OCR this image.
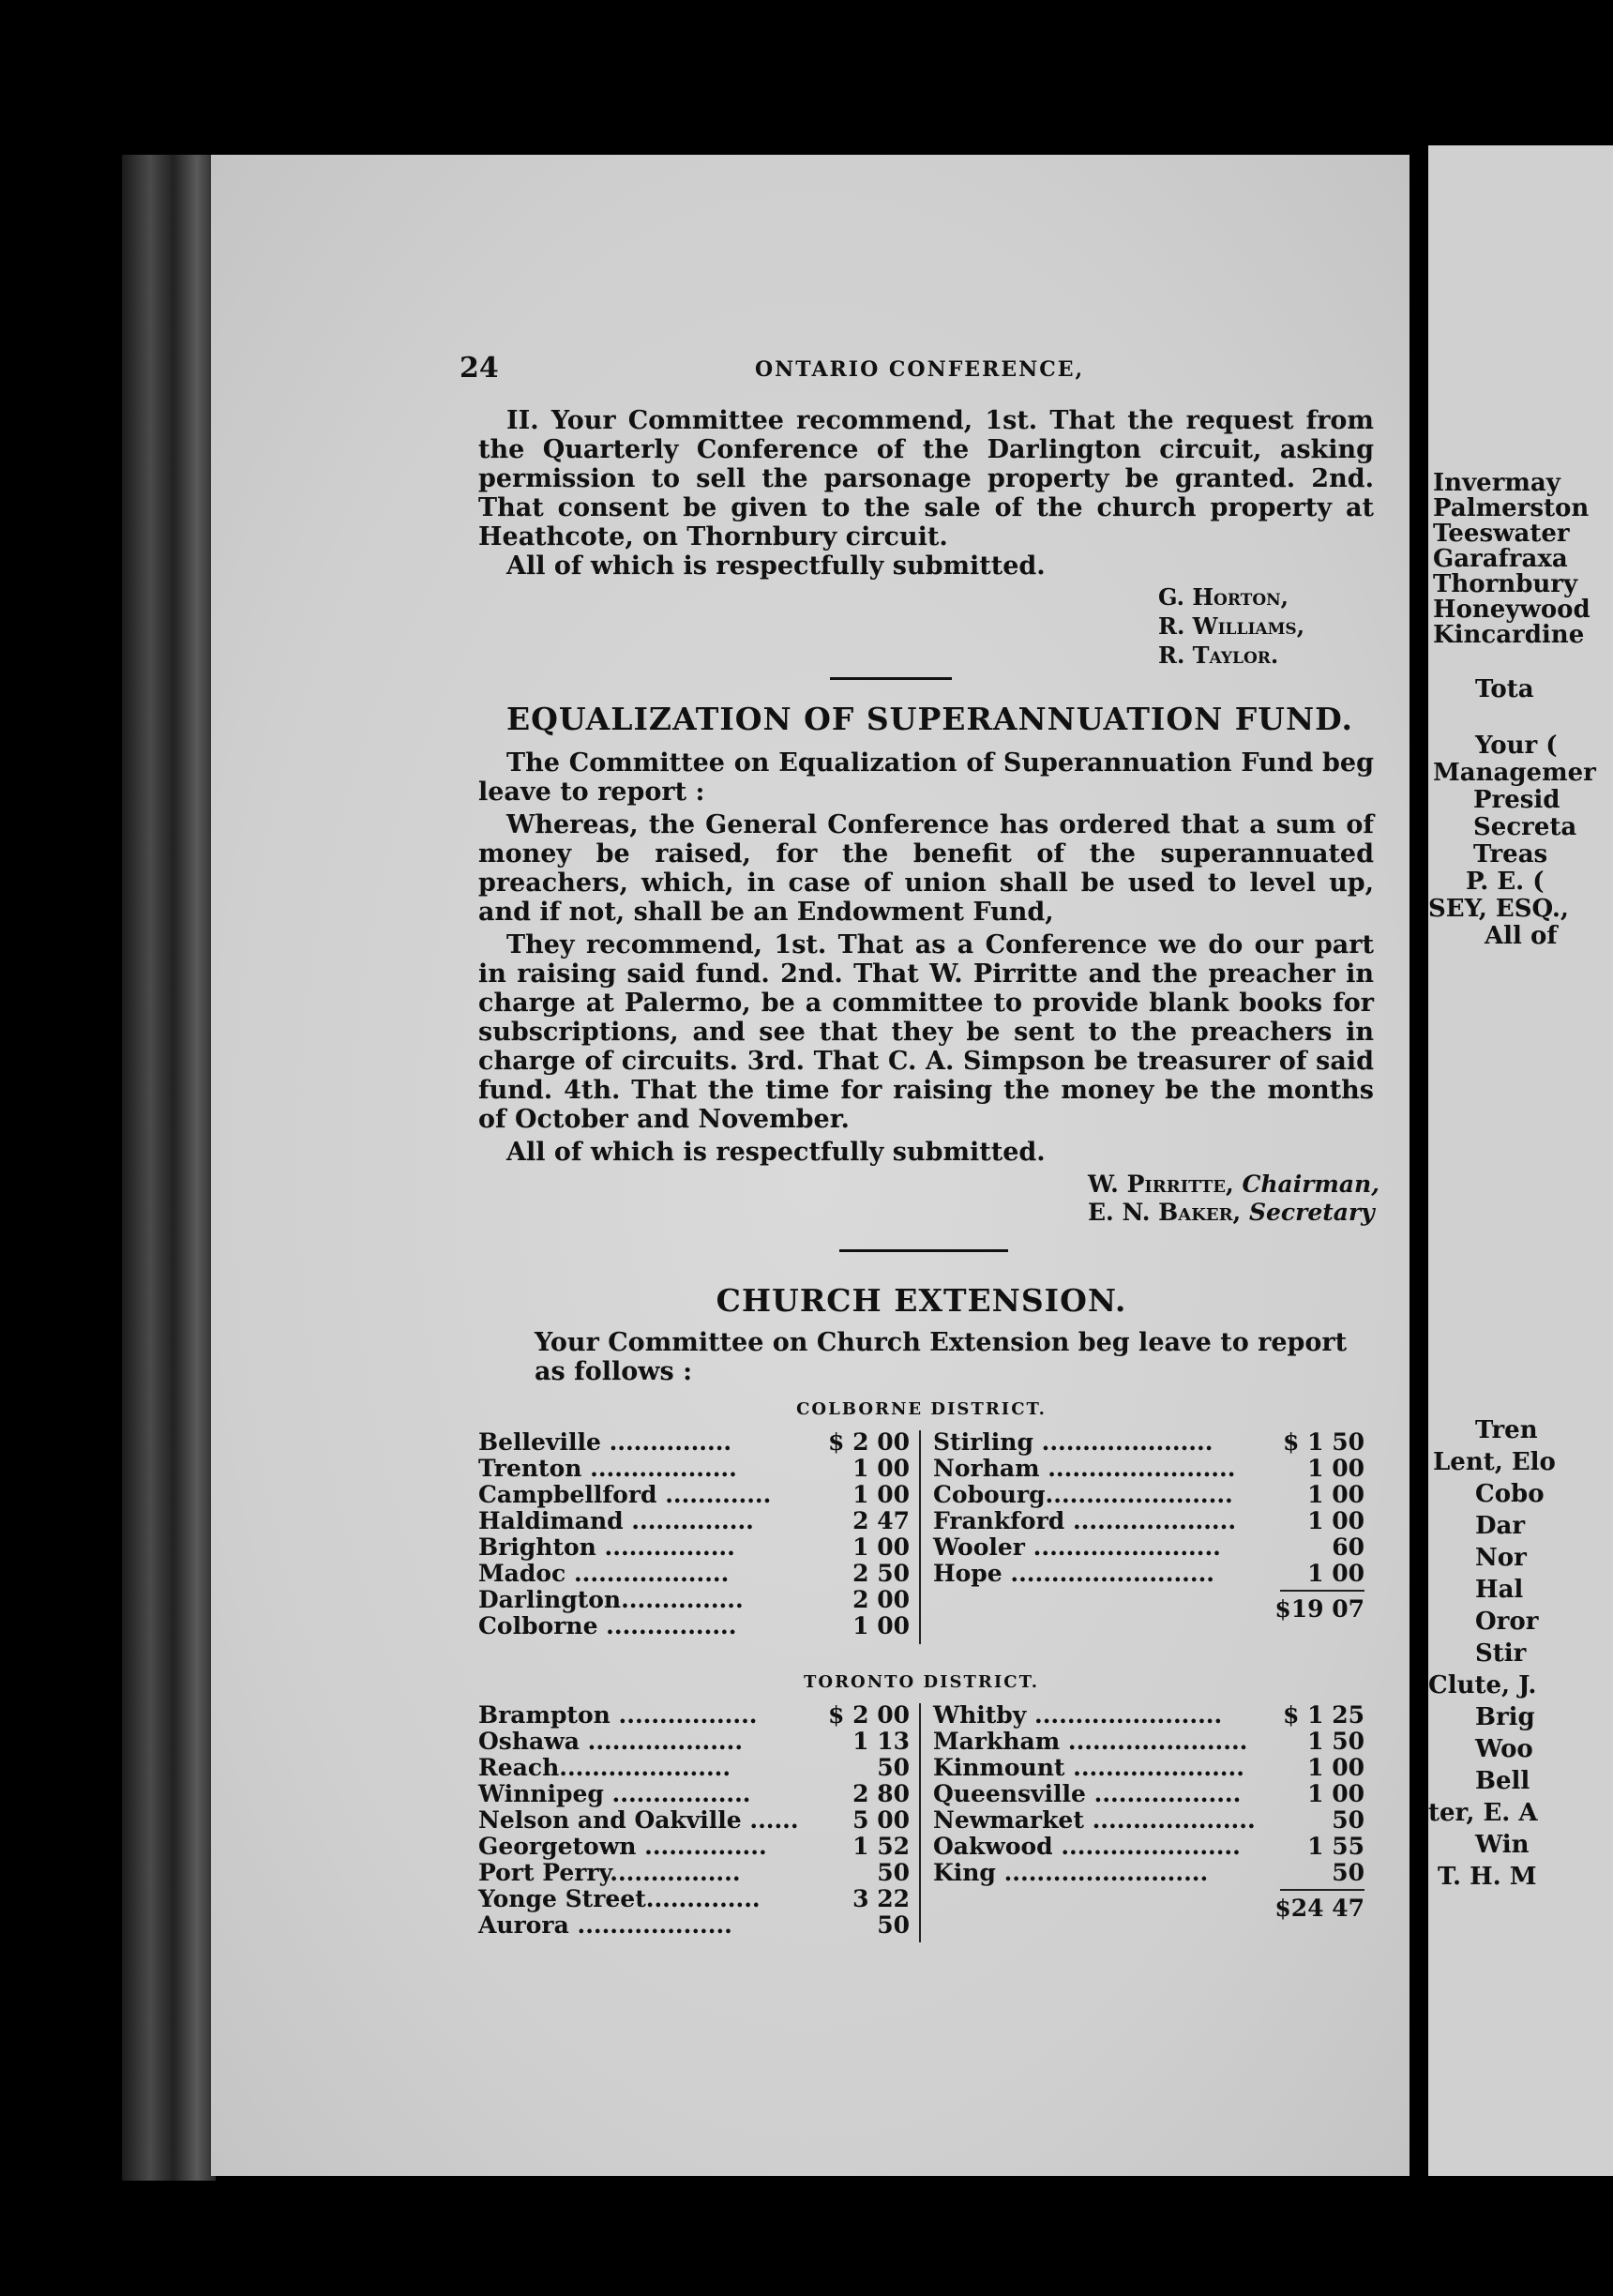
24	ONTARIO CONFERENCE,

II. Your Committee recommend, 1st. That the request from the Quarterly Conference of the Darlington circuit, asking permission to sell the parsonage property be granted. 2nd. That consent be given to the sale of the church property at Heathcote, on Thornbury circuit.

All of which is respectfully submitted.

G. Horton,
R. Williams,
R. Taylor.
EQUALIZATION OF SUPERANNUATION FUND.

The Committee on Equalization of Superannuation Fund beg leave to report :

Whereas, the General Conference has ordered that a sum of money be raised, for the benefit of the superannuated preachers, which, in case of union shall be used to level up, and if not, shall be an Endowment Fund,

They recommend, 1st. That as a Conference we do our part in raising said fund. 2nd. That W. Pirritte and the preacher in charge at Palermo, be a committee to provide blank books for subscriptions, and see that they be sent to the preachers in charge of circuits. 3rd. That C. A. Simpson be treasurer of said fund. 4th. That the time for raising the money be the months of October and November.

All of which is respectfully submitted.

W. Pirritte, Chairman,
E. N. Baker, Secretary
CHURCH EXTENSION.

Your Committee on Church Extension beg leave to report as follows :

COLBORNE DISTRICT.
Belleville ...............	$ 2 00
Trenton ..................	1 00
Campbellford .............	1 00
Haldimand ...............	2 47
Brighton ................	1 00
Madoc ...................	2 50
Darlington...............	2 00
Colborne ................	1 00
Stirling .....................	$ 1 50
Norham .......................	1 00
Cobourg.......................	1 00
Frankford ....................	1 00
Wooler .......................	60
Hope .........................	1 00
$19 07
TORONTO DISTRICT.
Brampton .................	$ 2 00
Oshawa ...................	1 13
Reach.....................	50
Winnipeg .................	2 80
Nelson and Oakville ...... 5 00
Georgetown ...............	1 52
Port Perry................	50
Yonge Street..............	3 22
Aurora ...................	50
Whitby .......................	$ 1 25
Markham ......................	1 50
Kinmount .....................	1 00
Queensville ..................	1 00
Newmarket ....................	50
Oakwood ......................	1 55
King .........................	50
$24 47
Invermay
Palmerston
Teeswater
Garafraxa
Thornbury
Honeywood
Kincardine
Tota
Your (
Managemer
Presid
Secreta
Treas
P. E. (
SEY, ESQ.,
All of
Tren
Lent, Elo
Cobo
Dar
Nor
Hal
Oror
Stir
Clute, J.
Brig
Woo
Bell
ter, E. A
Win
T. H. M
